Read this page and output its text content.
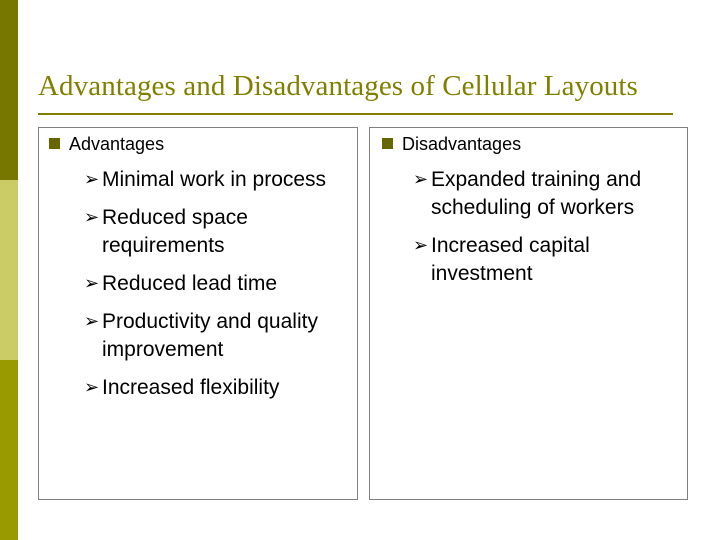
Advantages and Disadvantages of Cellular Layouts
Advantages
➢ Minimal work in process
➢ Reduced space requirements
➢ Reduced lead time
➢ Productivity and quality improvement
➢ Increased flexibility
Disadvantages
➢ Expanded training and scheduling of workers
➢ Increased capital investment
